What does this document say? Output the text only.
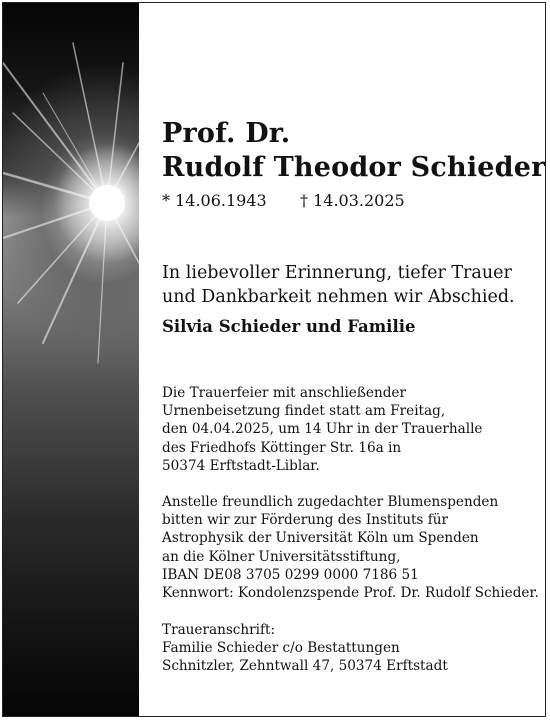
Prof. Dr.
Rudolf Theodor Schieder
* 14.06.1943 † 14.03.2025
In liebevoller Erinnerung, tiefer Trauer
und Dankbarkeit nehmen wir Abschied.
Silvia Schieder und Familie
Die Trauerfeier mit anschließender
Urnenbeisetzung findet statt am Freitag,
den 04.04.2025, um 14 Uhr in der Trauerhalle
des Friedhofs Köttinger Str. 16a in
50374 Erftstadt-Liblar.
Anstelle freundlich zugedachter Blumenspenden
bitten wir zur Förderung des Instituts für
Astrophysik der Universität Köln um Spenden
an die Kölner Universitätsstiftung,
IBAN DE08 3705 0299 0000 7186 51
Kennwort: Kondolenzspende Prof. Dr. Rudolf Schieder.
Traueranschrift:
Familie Schieder c/o Bestattungen
Schnitzler, Zehntwall 47, 50374 Erftstadt
